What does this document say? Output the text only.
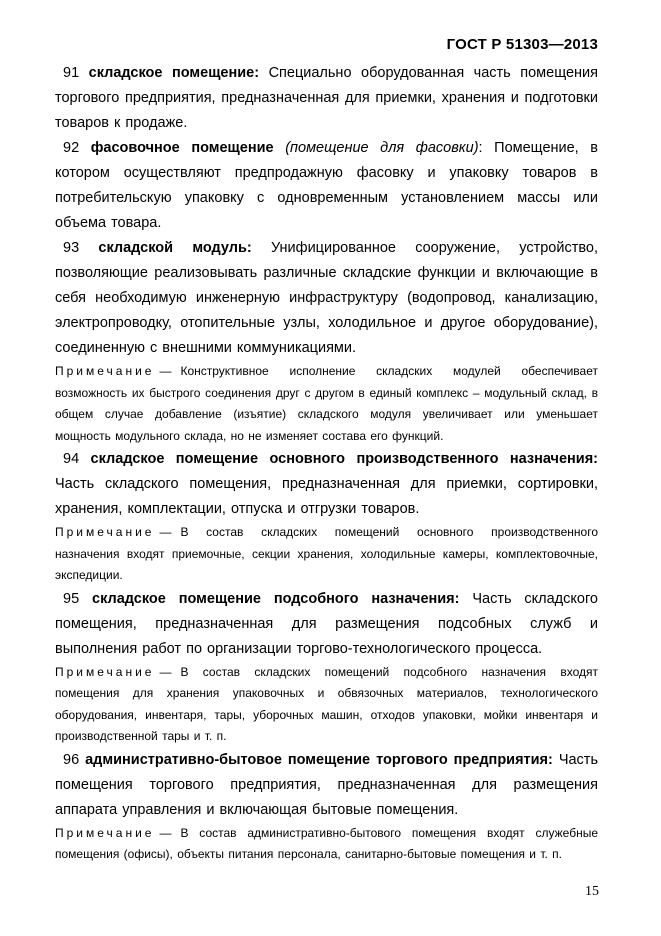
ГОСТ Р 51303—2013

91 складское помещение: Специально оборудованная часть помещения торгового предприятия, предназначенная для приемки, хранения и подготовки товаров к продаже.

92 фасовочное помещение (помещение для фасовки): Помещение, в котором осуществляют предпродажную фасовку и упаковку товаров в потребительскую упаковку с одновременным установлением массы или объема товара.

93 складской модуль: Унифицированное сооружение, устройство, позволяющие реализовывать различные складские функции и включающие в себя необходимую инженерную инфраструктуру (водопровод, канализацию, электропроводку, отопительные узлы, холодильное и другое оборудование), соединенную с внешними коммуникациями.

Примечание — Конструктивное исполнение складских модулей обеспечивает возможность их быстрого соединения друг с другом в единый комплекс – модульный склад, в общем случае добавление (изъятие) складского модуля увеличивает или уменьшает мощность модульного склада, но не изменяет состава его функций.

94 складское помещение основного производственного назначения: Часть складского помещения, предназначенная для приемки, сортировки, хранения, комплектации, отпуска и отгрузки товаров.

Примечание — В состав складских помещений основного производственного назначения входят приемочные, секции хранения, холодильные камеры, комплектовочные, экспедиции.

95 складское помещение подсобного назначения: Часть складского помещения, предназначенная для размещения подсобных служб и выполнения работ по организации торгово-технологического процесса.

Примечание — В состав складских помещений подсобного назначения входят помещения для хранения упаковочных и обвязочных материалов, технологического оборудования, инвентаря, тары, уборочных машин, отходов упаковки, мойки инвентаря и производственной тары и т. п.

96 административно-бытовое помещение торгового предприятия: Часть помещения торгового предприятия, предназначенная для размещения аппарата управления и включающая бытовые помещения.

Примечание — В состав административно-бытового помещения входят служебные помещения (офисы), объекты питания персонала, санитарно-бытовые помещения и т. п.

15
